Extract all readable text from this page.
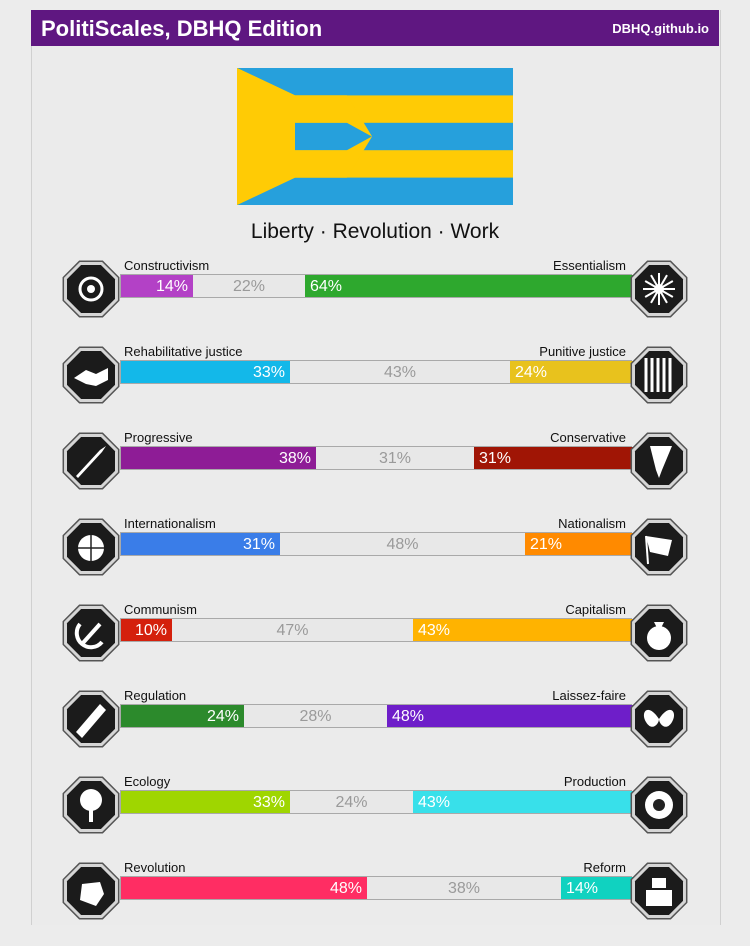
PolitiScales, DBHQ Edition	DBHQ.github.io
Liberty · Revolution · Work
Constructivism	Essentialism
14%	22%	64%
Rehabilitative justice	Punitive justice
33%	43%	24%
Progressive	Conservative
38%	31%	31%
Internationalism	Nationalism
31%	48%	21%
Communism	Capitalism
10%	47%	43%
Regulation	Laissez-faire
24%	28%	48%
Ecology	Production
33%	24%	43%
Revolution	Reform
48%	38%	14%
